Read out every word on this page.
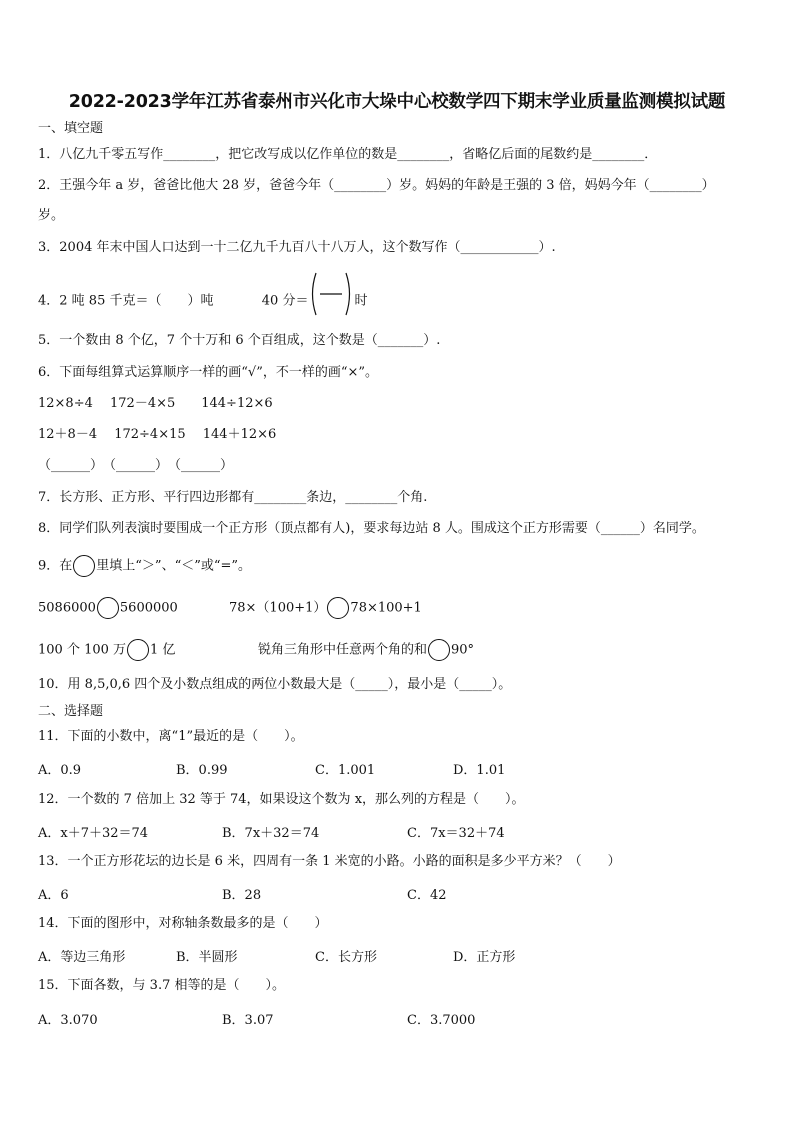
2022-2023学年江苏省泰州市兴化市大垛中心校数学四下期末学业质量监测模拟试题
一、填空题
1．八亿九千零五写作________，把它改写成以亿作单位的数是________，省略亿后面的尾数约是________．
2．王强今年 a 岁，爸爸比他大 28 岁，爸爸今年（________）岁。妈妈的年龄是王强的 3 倍，妈妈今年（________）
岁。
3．2004 年末中国人口达到一十二亿九千九百八十八万人，这个数写作（____________）.
4．2 吨 85 千克＝（　　）吨	40 分＝	时
5．一个数由 8 个亿，7 个十万和 6 个百组成，这个数是（_______）.
6．下面每组算式运算顺序一样的画“√”，不一样的画“×”。
12×8÷4　 172－4×5　　144÷12×6
12＋8－4　 172÷4×15　 144＋12×6
（______）　（______）　（______）
7．长方形、正方形、平行四边形都有________条边，________个角.
8．同学们队列表演时要围成一个正方形（顶点都有人)，要求每边站 8 人。围成这个正方形需要（______）名同学。
9．在 里填上“＞”、“＜”或“=”。
5086000 5600000	78×（100+1） 78×100+1
100 个 100 万 1 亿	锐角三角形中任意两个角的和 90°
10．用 8,5,0,6 四个及小数点组成的两位小数最大是（_____），最小是（_____）。
二、选择题
11．下面的小数中，离“1”最近的是（　　）。
A．0.9	B．0.99	C．1.001	D．1.01
12．一个数的 7 倍加上 32 等于 74，如果设这个数为 x，那么列的方程是（　　）。
A．x＋7＋32＝74	B．7x＋32＝74	C．7x＝32＋74
13．一个正方形花坛的边长是 6 米，四周有一条 1 米宽的小路。小路的面积是多少平方米？（　　）
A．6	B．28	C．42
14．下面的图形中，对称轴条数最多的是（　　）
A．等边三角形	B．半圆形	C．长方形	D．正方形
15．下面各数，与 3.7 相等的是（　　）。
A．3.070	B．3.07	C．3.7000
